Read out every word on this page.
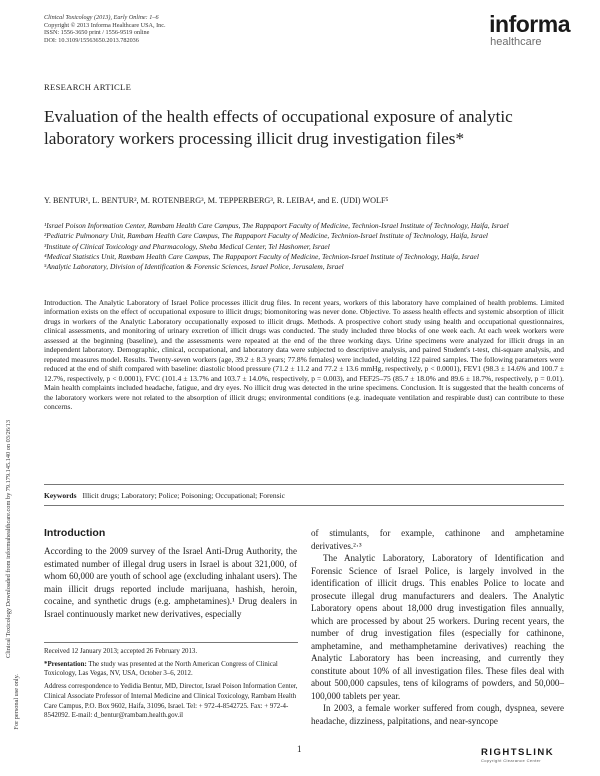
Clinical Toxicology (2013), Early Online: 1–6
Copyright © 2013 Informa Healthcare USA, Inc.
ISSN: 1556-3650 print / 1556-9519 online
DOI: 10.3109/15563650.2013.782036
informa
healthcare
RESEARCH ARTICLE
Evaluation of the health effects of occupational exposure of analytic laboratory workers processing illicit drug investigation files*
Y. BENTUR¹, L. BENTUR², M. ROTENBERG³, M. TEPPERBERG³, R. LEIBA⁴, and E. (UDI) WOLF⁵

¹Israel Poison Information Center, Rambam Health Care Campus, The Rappaport Faculty of Medicine, Technion-Israel Institute of Technology, Haifa, Israel

²Pediatric Pulmonary Unit, Rambam Health Care Campus, The Rappaport Faculty of Medicine, Technion-Israel Institute of Technology, Haifa, Israel

³Institute of Clinical Toxicology and Pharmacology, Sheba Medical Center, Tel Hashomer, Israel

⁴Medical Statistics Unit, Rambam Health Care Campus, The Rappaport Faculty of Medicine, Technion-Israel Institute of Technology, Haifa, Israel

⁵Analytic Laboratory, Division of Identification & Forensic Sciences, Israel Police, Jerusalem, Israel

Introduction. The Analytic Laboratory of Israel Police processes illicit drug files. In recent years, workers of this laboratory have complained of health problems. Limited information exists on the effect of occupational exposure to illicit drugs; biomonitoring was never done. Objective. To assess health effects and systemic absorption of illicit drugs in workers of the Analytic Laboratory occupationally exposed to illicit drugs. Methods. A prospective cohort study using health and occupational questionnaires, clinical assessments, and monitoring of urinary excretion of illicit drugs was conducted. The study included three blocks of one week each. At each week workers were assessed at the beginning (baseline), and the assessments were repeated at the end of the three working days. Urine specimens were analyzed for illicit drugs in an independent laboratory. Demographic, clinical, occupational, and laboratory data were subjected to descriptive analysis, and paired Student's t-test, chi-square analysis, and repeated measures model. Results. Twenty-seven workers (age, 39.2 ± 8.3 years; 77.8% females) were included, yielding 122 paired samples. The following parameters were reduced at the end of shift compared with baseline: diastolic blood pressure (71.2 ± 11.2 and 77.2 ± 13.6 mmHg, respectively, p < 0.0001), FEV1 (98.3 ± 14.6% and 100.7 ± 12.7%, respectively, p < 0.0001), FVC (101.4 ± 13.7% and 103.7 ± 14.0%, respectively, p = 0.003), and FEF25–75 (85.7 ± 18.0% and 89.6 ± 18.7%, respectively, p = 0.01). Main health complaints included headache, fatigue, and dry eyes. No illicit drug was detected in the urine specimens. Conclusion. It is suggested that the health concerns of the laboratory workers were not related to the absorption of illicit drugs; environmental conditions (e.g. inadequate ventilation and respirable dust) can contribute to these concerns.
Keywords Illicit drugs; Laboratory; Police; Poisoning; Occupational; Forensic
Clinical Toxicology Downloaded from informahealthcare.com by 79.179.145.140 on 03/26/13
For personal use only.
Introduction

According to the 2009 survey of the Israel Anti-Drug Authority, the estimated number of illegal drug users in Israel is about 321,000, of whom 60,000 are youth of school age (excluding inhalant users). The main illicit drugs reported include marijuana, hashish, heroin, cocaine, and synthetic drugs (e.g. amphetamines).¹ Drug dealers in Israel continuously market new derivatives, especially

Received 12 January 2013; accepted 26 February 2013.

*Presentation: The study was presented at the North American Congress of Clinical Toxicology, Las Vegas, NV, USA, October 3–6, 2012.

Address correspondence to Yedidia Bentur, MD, Director, Israel Poison Information Center, Clinical Associate Professor of Internal Medicine and Clinical Toxicology, Rambam Health Care Campus, P.O. Box 9602, Haifa, 31096, Israel. Tel: + 972-4-8542725. Fax: + 972-4-8542092. E-mail: d_bentur@rambam.health.gov.il

of stimulants, for example, cathinone and amphetamine derivatives.²·³

The Analytic Laboratory, Laboratory of Identification and Forensic Science of Israel Police, is largely involved in the identification of illicit drugs. This enables Police to locate and prosecute illegal drug manufacturers and dealers. The Analytic Laboratory opens about 18,000 drug investigation files annually, which are processed by about 25 workers. During recent years, the number of drug investigation files (especially for cathinone, amphetamine, and methamphetamine derivatives) reaching the Analytic Laboratory has been increasing, and currently they constitute about 10% of all investigation files. These files deal with about 500,000 capsules, tens of kilograms of powders, and 50,000–100,000 tablets per year.

In 2003, a female worker suffered from cough, dyspnea, severe headache, dizziness, palpitations, and near-syncope

1	RIGHTSLINK
Copyright Clearance Center
